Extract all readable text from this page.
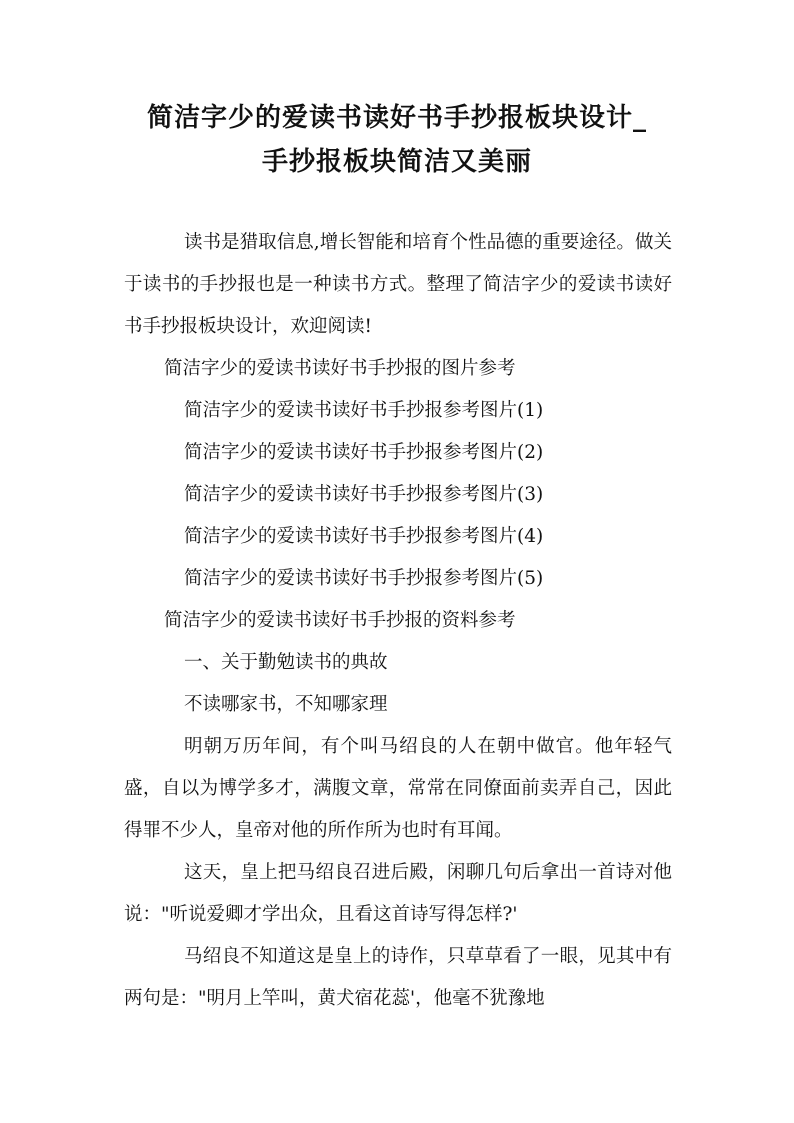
简洁字少的爱读书读好书手抄报板块设计_
手抄报板块简洁又美丽

读书是猎取信息,增长智能和培育个性品德的重要途径。做关于读书的手抄报也是一种读书方式。整理了简洁字少的爱读书读好书手抄报板块设计，欢迎阅读!

简洁字少的爱读书读好书手抄报的图片参考

简洁字少的爱读书读好书手抄报参考图片(1)

简洁字少的爱读书读好书手抄报参考图片(2)

简洁字少的爱读书读好书手抄报参考图片(3)

简洁字少的爱读书读好书手抄报参考图片(4)

简洁字少的爱读书读好书手抄报参考图片(5)

简洁字少的爱读书读好书手抄报的资料参考

一、关于勤勉读书的典故

不读哪家书，不知哪家理

明朝万历年间，有个叫马绍良的人在朝中做官。他年轻气盛，自以为博学多才，满腹文章，常常在同僚面前卖弄自己，因此得罪不少人，皇帝对他的所作所为也时有耳闻。

这天，皇上把马绍良召进后殿，闲聊几句后拿出一首诗对他说："听说爱卿才学出众，且看这首诗写得怎样?'

马绍良不知道这是皇上的诗作，只草草看了一眼，见其中有两句是："明月上竿叫，黄犬宿花蕊'，他毫不犹豫地
